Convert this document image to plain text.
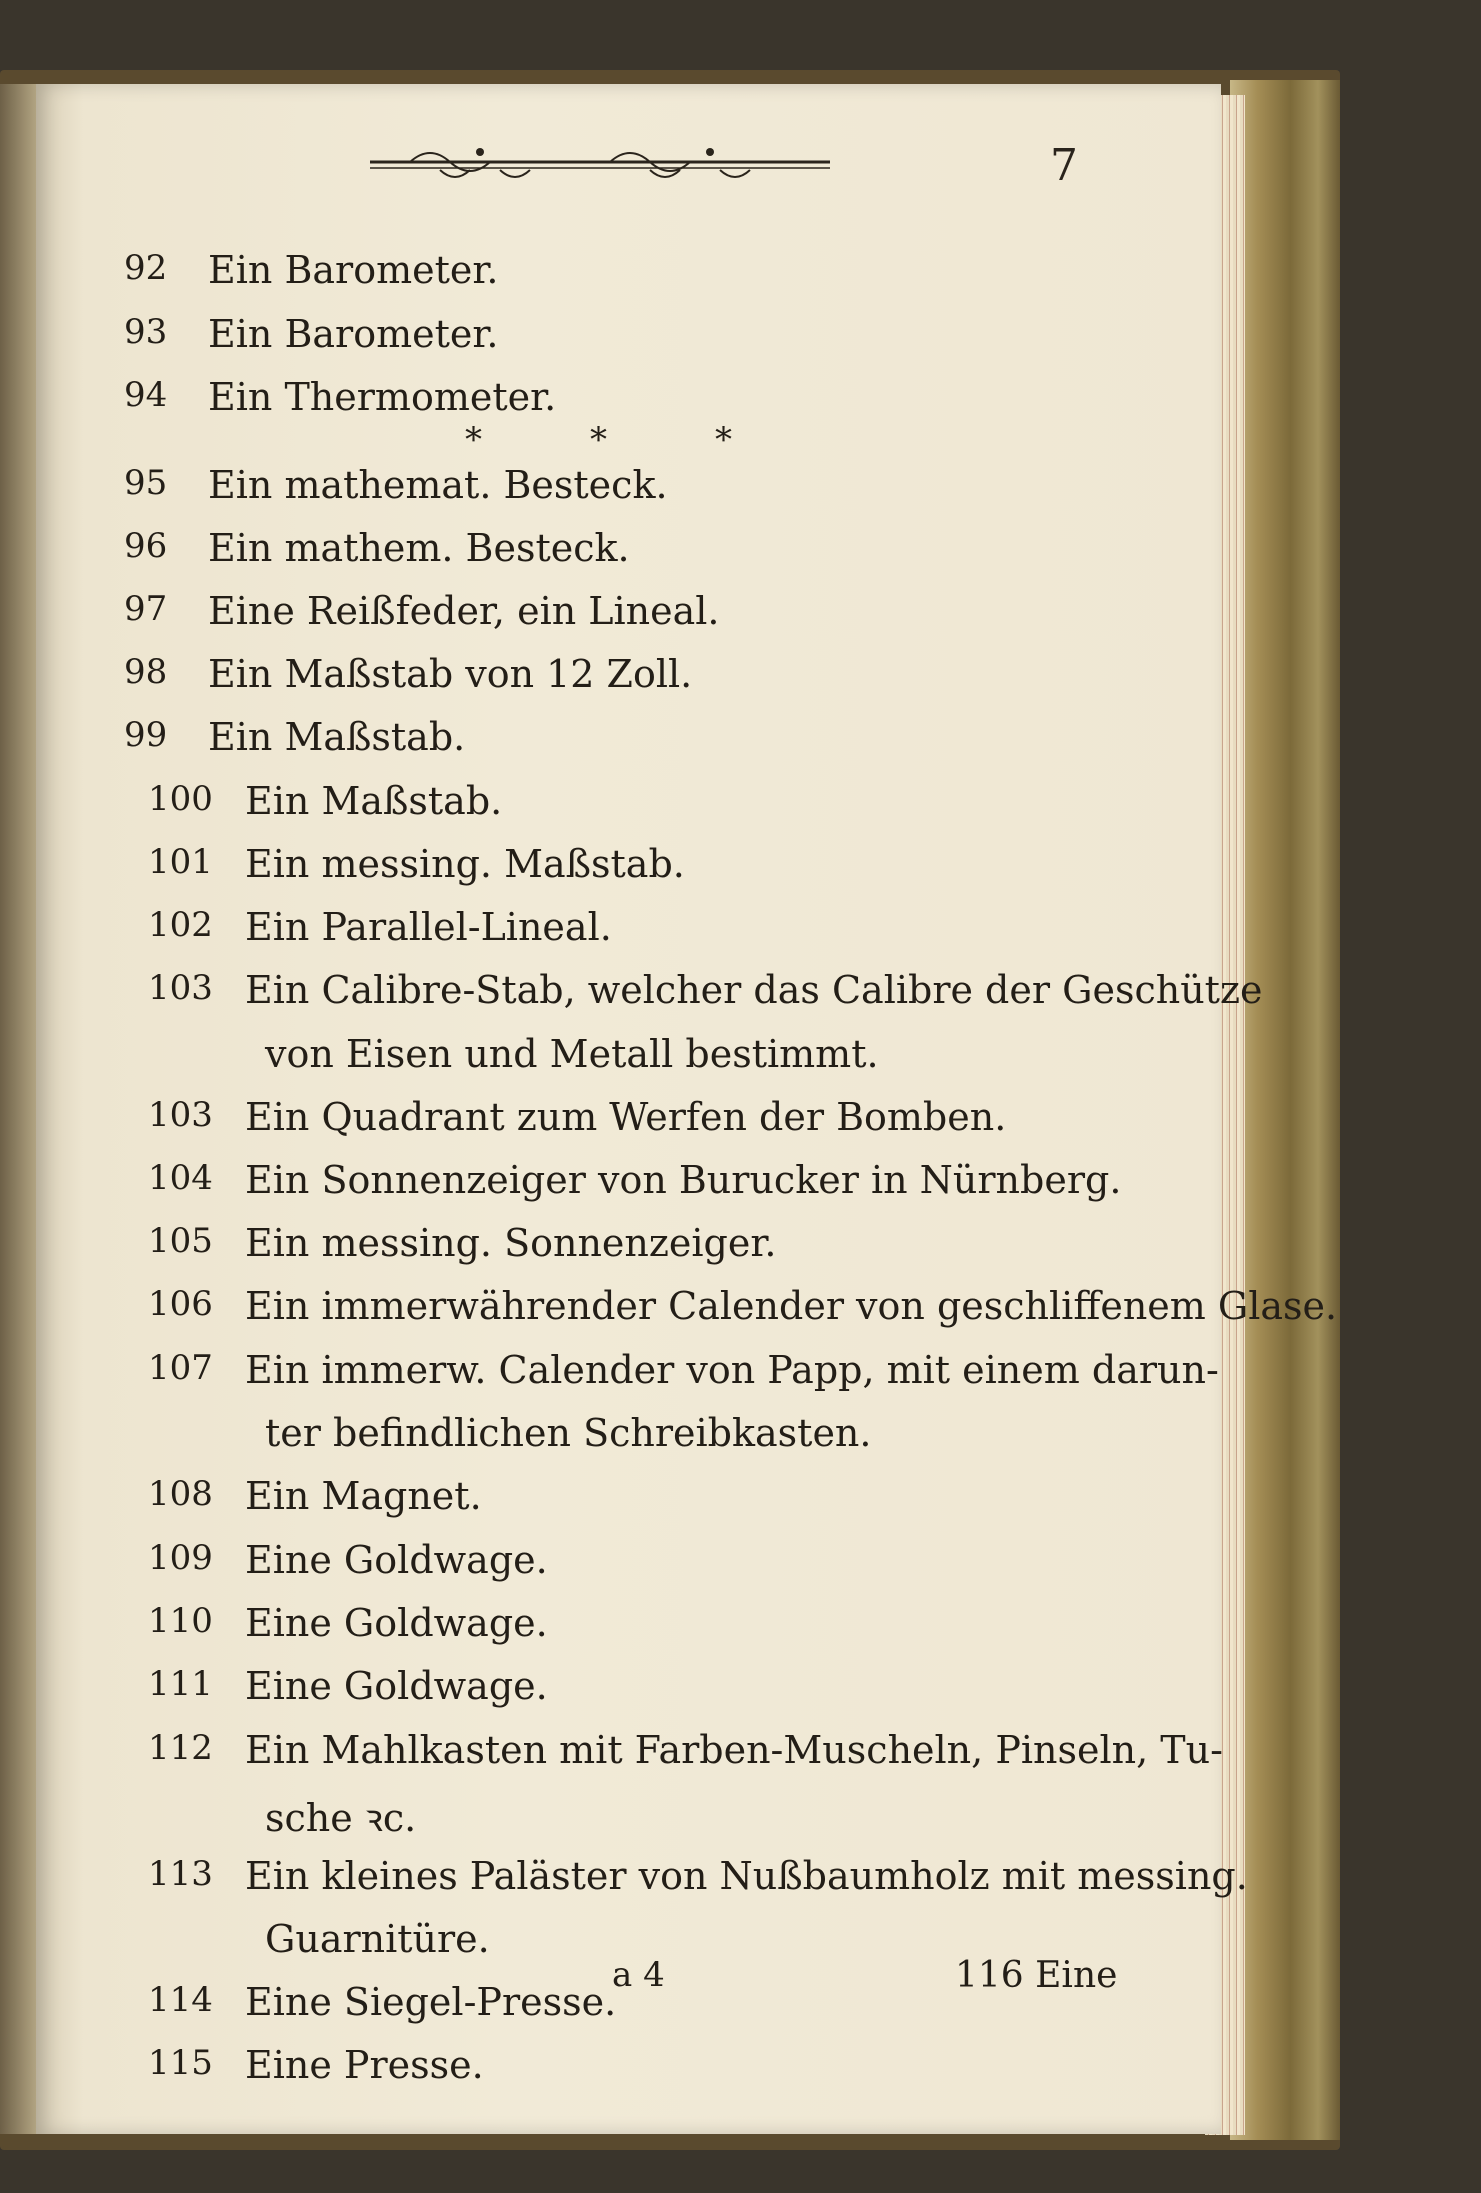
7
*	*	*
92 Ein Barometer.
93 Ein Barometer.
94 Ein Thermometer.
95 Ein mathemat. Besteck.
96 Ein mathem. Besteck.
97 Eine Reißfeder, ein Lineal.
98 Ein Maßstab von 12 Zoll.
99 Ein Maßstab.
100 Ein Maßstab.
101 Ein messing. Maßstab.
102 Ein Parallel-Lineal.
103 Ein Calibre-Stab, welcher das Calibre der Geschütze
von Eisen und Metall bestimmt.
103 Ein Quadrant zum Werfen der Bomben.
104 Ein Sonnenzeiger von Burucker in Nürnberg.
105 Ein messing. Sonnenzeiger.
106 Ein immerwährender Calender von geschliffenem Glase.
107 Ein immerw. Calender von Papp, mit einem darun-
ter befindlichen Schreibkasten.
108 Ein Magnet.
109 Eine Goldwage.
110 Eine Goldwage.
111 Eine Goldwage.
112 Ein Mahlkasten mit Farben-Muscheln, Pinseln, Tu-
sche ꝛc.
113 Ein kleines Paläster von Nußbaumholz mit messing.
Guarnitüre.
114 Eine Siegel-Presse.
115 Eine Presse.
a 4	116 Eine
